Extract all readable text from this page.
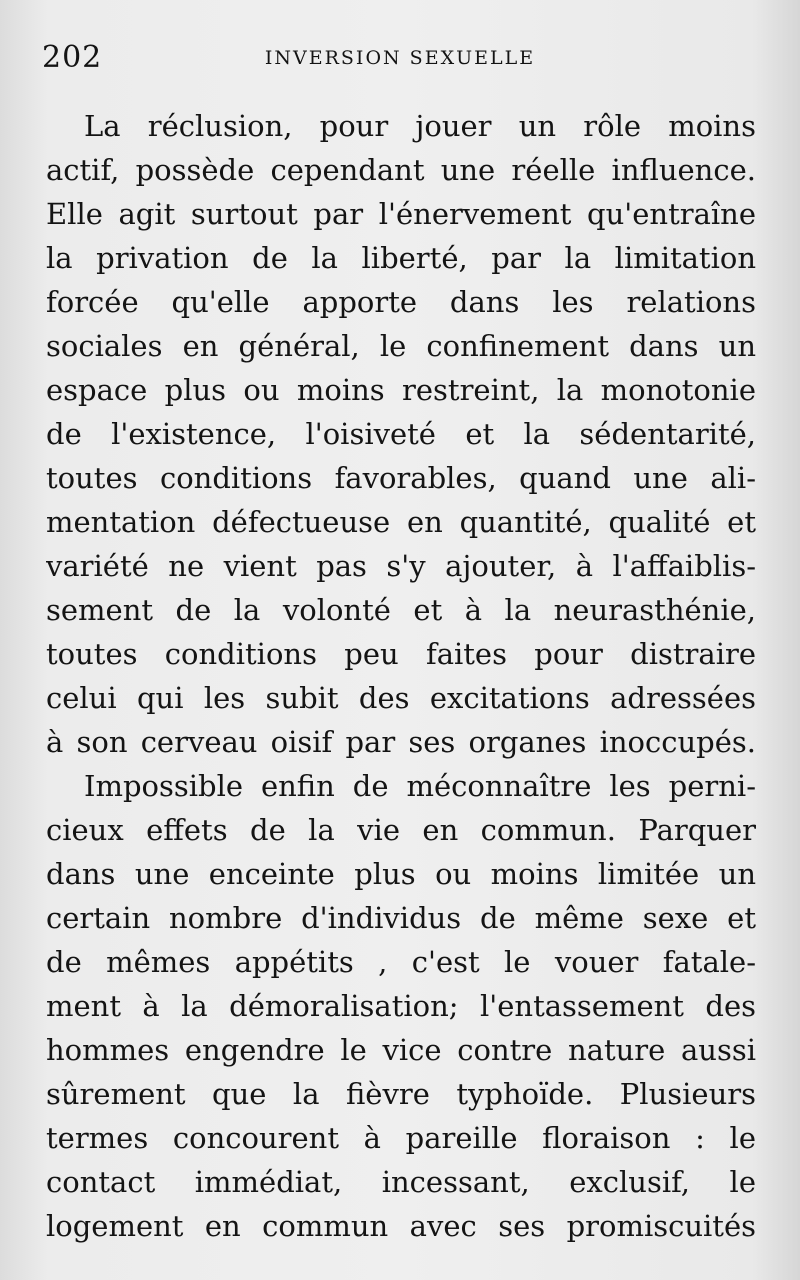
202	INVERSION SEXUELLE
La réclusion, pour jouer un rôle moins
actif, possède cependant une réelle influence.
Elle agit surtout par l'énervement qu'entraîne
la privation de la liberté, par la limitation
forcée qu'elle apporte dans les relations
sociales en général, le confinement dans un
espace plus ou moins restreint, la monotonie
de l'existence, l'oisiveté et la sédentarité,
toutes conditions favorables, quand une ali-
mentation défectueuse en quantité, qualité et
variété ne vient pas s'y ajouter, à l'affaiblis-
sement de la volonté et à la neurasthénie,
toutes conditions peu faites pour distraire
celui qui les subit des excitations adressées
à son cerveau oisif par ses organes inoccupés.
Impossible enfin de méconnaître les perni-
cieux effets de la vie en commun. Parquer
dans une enceinte plus ou moins limitée un
certain nombre d'individus de même sexe et
de mêmes appétits , c'est le vouer fatale-
ment à la démoralisation; l'entassement des
hommes engendre le vice contre nature aussi
sûrement que la fièvre typhoïde. Plusieurs
termes concourent à pareille floraison : le
contact immédiat, incessant, exclusif, le
logement en commun avec ses promiscuités
